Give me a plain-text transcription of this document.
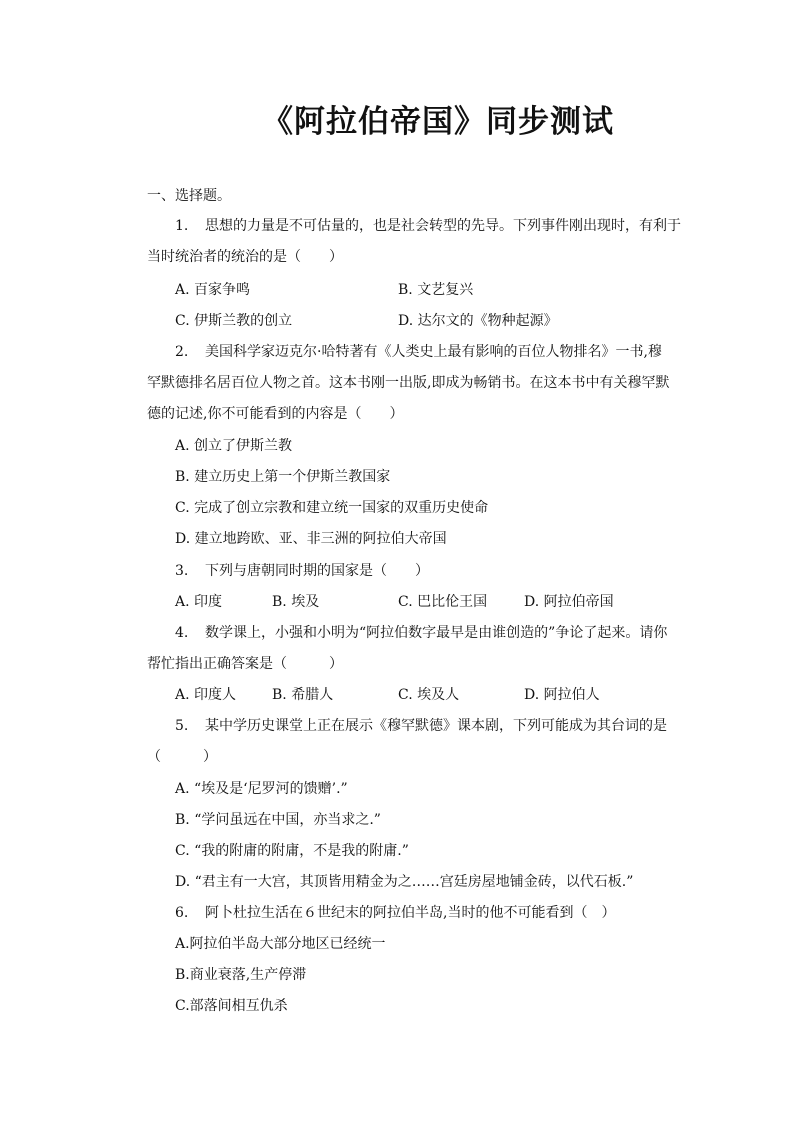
《阿拉伯帝国》同步测试
一、选择题。
1. 思想的力量是不可估量的，也是社会转型的先导。下列事件刚出现时，有利于
当时统治者的统治的是（　　）
A. 百家争鸣	B. 文艺复兴
C. 伊斯兰教的创立	D. 达尔文的《物种起源》
2. 美国科学家迈克尔·哈特著有《人类史上最有影响的百位人物排名》一书,穆
罕默德排名居百位人物之首。这本书刚一出版,即成为畅销书。在这本书中有关穆罕默
德的记述,你不可能看到的内容是（　　）
A. 创立了伊斯兰教
B. 建立历史上第一个伊斯兰教国家
C. 完成了创立宗教和建立统一国家的双重历史使命
D. 建立地跨欧、亚、非三洲的阿拉伯大帝国
3. 下列与唐朝同时期的国家是（　　）
A. 印度	B. 埃及	C. 巴比伦王国	D. 阿拉伯帝国
4. 数学课上，小强和小明为“阿拉伯数字最早是由谁创造的”争论了起来。请你
帮忙指出正确答案是（　　　）
A. 印度人	B. 希腊人	C. 埃及人	D. 阿拉伯人
5. 某中学历史课堂上正在展示《穆罕默德》课本剧，下列可能成为其台词的是
（　　　）
A. “埃及是‘尼罗河的馈赠’.”
B. “学问虽远在中国，亦当求之.”
C. “我的附庸的附庸，不是我的附庸.”
D. “君主有一大宫，其顶皆用精金为之……宫廷房屋地铺金砖，以代石板.”
6. 阿卜杜拉生活在６世纪末的阿拉伯半岛,当时的他不可能看到（　）
A.阿拉伯半岛大部分地区已经统一
B.商业衰落,生产停滞
C.部落间相互仇杀
